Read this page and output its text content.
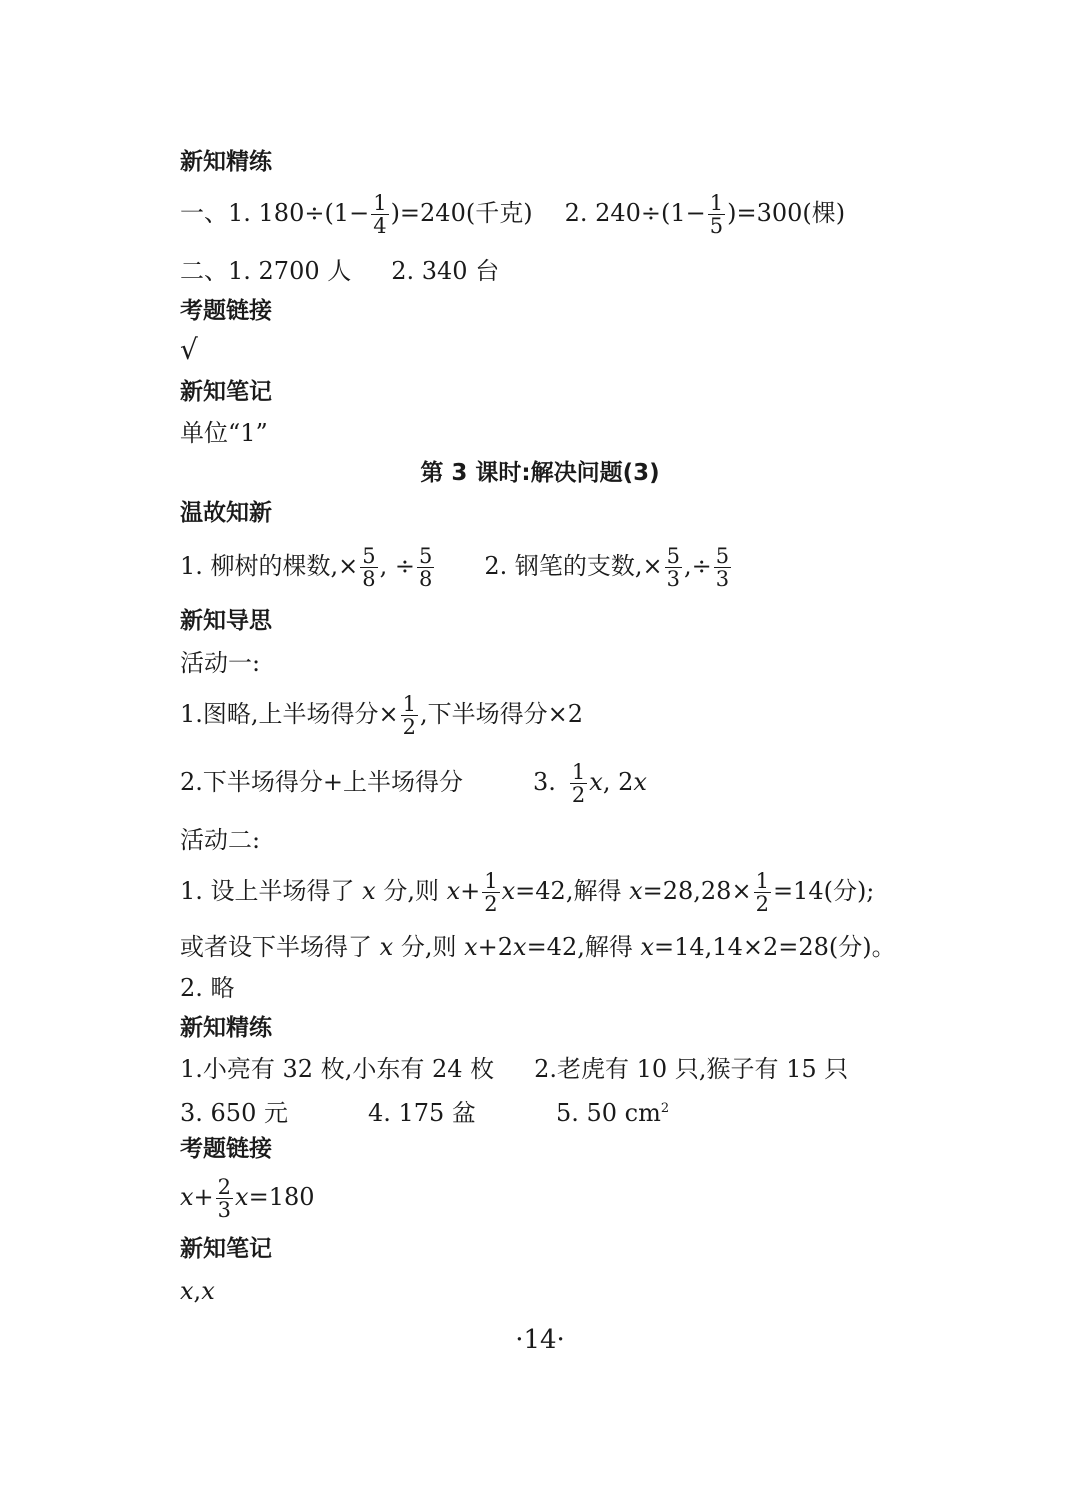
新知精练
一、1. $180\div(1- \frac{1}{4} )=240$(千克) 2. $240\div(1- \frac{1}{5} )=300$(棵)
二、1. 2700 人 2. 340 台
考题链接
√
新知笔记
单位“1”
第 3 课时:解决问题(3)
温故知新
1. 柳树的棵数,× $\frac{5}{8}$ , ÷ $\frac{5}{8} 2$. 钢笔的支数,× $\frac{5}{3}$ ,÷ $\frac{5}{3}$
新知导思
活动一:
1.图略,上半场得分× $\frac{1}{2}$ ,下半场得分×2
2.下半场得分+上半场得分	3. $\frac{1}{2} x$, 2x
活动二:
1. 设上半场得了 x 分,则 $x+ \frac{1}{2} x=42$,解得 $x=28,28\times \frac{1}{2} =14$(分);
或者设下半场得了 x 分,则 x+2x=42,解得 x=14,14×2=28(分)。
2. 略
新知精练
1.小亮有 32 枚,小东有 24 枚 2.老虎有 10 只,猴子有 15 只
3. 650 元	4. 175 盆	5. 50 $cm^2$
考题链接
$x+ \frac{2}{3} x=180$
新知笔记
x,x
·14·
